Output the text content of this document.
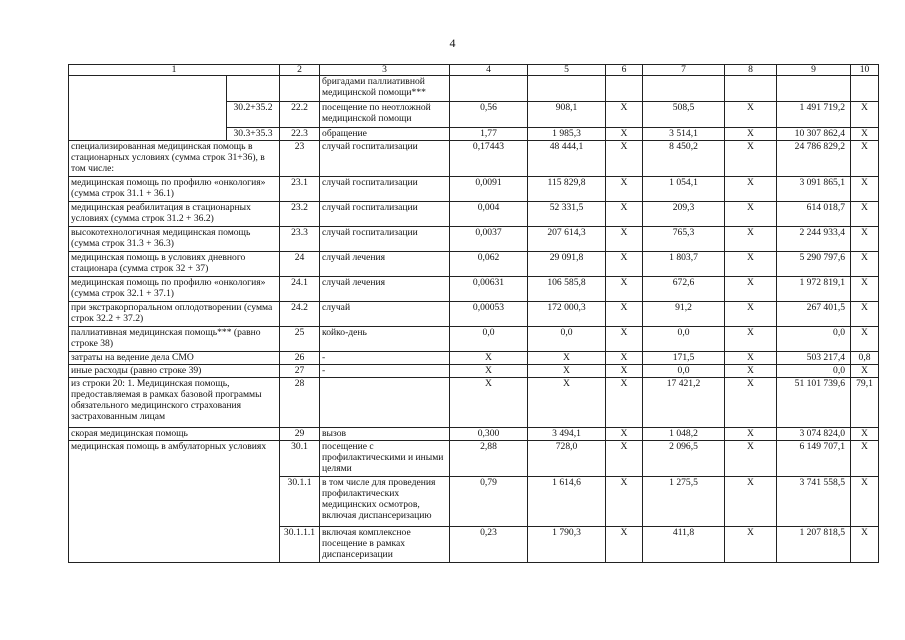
4
1		2	3	4	5	6	7	8	9	10
			бригадами паллиативной медицинской помощи***							
	30.2+35.2	22.2	посещение по неотложной медицинской помощи	0,56	908,1	X	508,5	X	1 491 719,2	X
	30.3+35.3	22.3	обращение	1,77	1 985,3	X	3 514,1	X	10 307 862,4	X
специализированная медицинская помощь в стационарных условиях (сумма строк 31+36), в том числе:		23	случай госпитализации	0,17443	48 444,1	X	8 450,2	X	24 786 829,2	X
медицинская помощь по профилю «онкология» (сумма строк 31.1 + 36.1)		23.1	случай госпитализации	0,0091	115 829,8	X	1 054,1	X	3 091 865,1	X
медицинская реабилитация в стационарных условиях (сумма строк 31.2 + 36.2)		23.2	случай госпитализации	0,004	52 331,5	X	209,3	X	614 018,7	X
высокотехнологичная медицинская помощь (сумма строк 31.3 + 36.3)		23.3	случай госпитализации	0,0037	207 614,3	X	765,3	X	2 244 933,4	X
медицинская помощь в условиях дневного стационара (сумма строк 32 + 37)		24	случай лечения	0,062	29 091,8	X	1 803,7	X	5 290 797,6	X
медицинская помощь по профилю «онкология» (сумма строк 32.1 + 37.1)		24.1	случай лечения	0,00631	106 585,8	X	672,6	X	1 972 819,1	X
при экстракорпоральном оплодотворении (сумма строк 32.2 + 37.2)		24.2	случай	0,00053	172 000,3	X	91,2	X	267 401,5	X
паллиативная медицинская помощь*** (равно строке 38)		25	койко-день	0,0	0,0	X	0,0	X	0,0	X
затраты на ведение дела СМО		26	-	X	X	X	171,5	X	503 217,4	0,8
иные расходы (равно строке 39)		27	-	X	X	X	0,0	X	0,0	X
из строки 20: 1. Медицинская помощь, предоставляемая в рамках базовой программы обязательного медицинского страхования застрахованным лицам		28		X	X	X	17 421,2	X	51 101 739,6	79,1
скорая медицинская помощь		29	вызов	0,300	3 494,1	X	1 048,2	X	3 074 824,0	X
медицинская помощь в амбулаторных условиях		30.1	посещение с профилактическими и иными целями	2,88	728,0	X	2 096,5	X	6 149 707,1	X
		30.1.1	в том числе для проведения профилактических медицинских осмотров, включая диспансеризацию	0,79	1 614,6	X	1 275,5	X	3 741 558,5	X
		30.1.1.1	включая комплексное посещение в рамках диспансеризации	0,23	1 790,3	X	411,8	X	1 207 818,5	X
